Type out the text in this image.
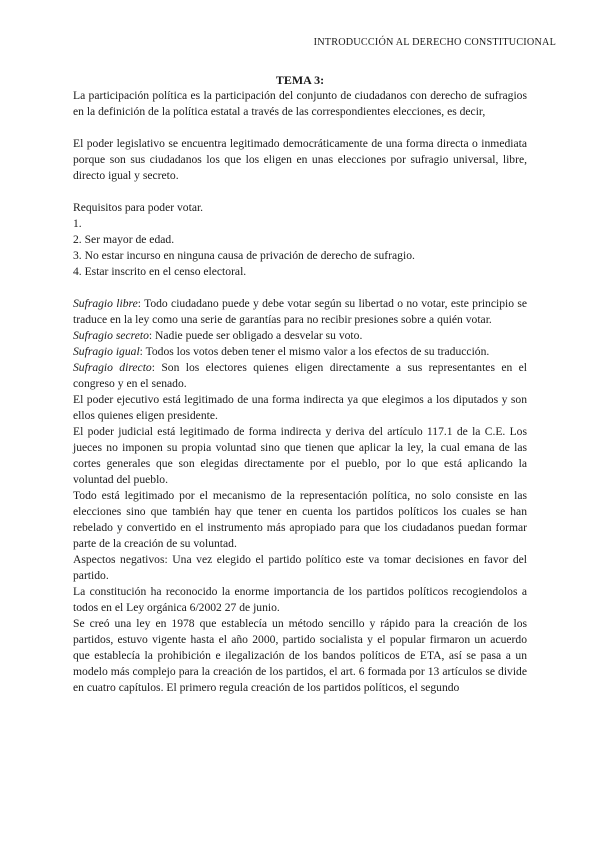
INTRODUCCIÓN AL DERECHO CONSTITUCIONAL

TEMA 3:

La participación política es la participación del conjunto de ciudadanos con derecho de sufragios en la definición de la política estatal a través de las correspondientes elecciones, es decir,

El poder legislativo se encuentra legitimado democráticamente de una forma directa o inmediata porque son sus ciudadanos los que los eligen en unas elecciones por sufragio universal, libre, directo igual y secreto.

Requisitos para poder votar.

1.

2. Ser mayor de edad.

3. No estar incurso en ninguna causa de privación de derecho de sufragio.

4. Estar inscrito en el censo electoral.

Sufragio libre: Todo ciudadano puede y debe votar según su libertad o no votar, este principio se traduce en la ley como una serie de garantías para no recibir presiones sobre a quién votar.

Sufragio secreto: Nadie puede ser obligado a desvelar su voto.

Sufragio igual: Todos los votos deben tener el mismo valor a los efectos de su traducción.

Sufragio directo: Son los electores quienes eligen directamente a sus representantes en el congreso y en el senado.

El poder ejecutivo está legitimado de una forma indirecta ya que elegimos a los diputados y son ellos quienes eligen presidente.

El poder judicial está legitimado de forma indirecta y deriva del artículo 117.1 de la C.E. Los jueces no imponen su propia voluntad sino que tienen que aplicar la ley, la cual emana de las cortes generales que son elegidas directamente por el pueblo, por lo que está aplicando la voluntad del pueblo.

Todo está legitimado por el mecanismo de la representación política, no solo consiste en las elecciones sino que también hay que tener en cuenta los partidos políticos los cuales se han rebelado y convertido en el instrumento más apropiado para que los ciudadanos puedan formar parte de la creación de su voluntad.

Aspectos negativos: Una vez elegido el partido político este va tomar decisiones en favor del partido.

La constitución ha reconocido la enorme importancia de los partidos políticos recogiendolos a todos en el Ley orgánica 6/2002 27 de junio.

Se creó una ley en 1978 que establecía un método sencillo y rápido para la creación de los partidos, estuvo vigente hasta el año 2000, partido socialista y el popular firmaron un acuerdo que establecía la prohibición e ilegalización de los bandos políticos de ETA, así se pasa a un modelo más complejo para la creación de los partidos, el art. 6 formada por 13 artículos se divide en cuatro capítulos. El primero regula creación de los partidos políticos, el segundo
